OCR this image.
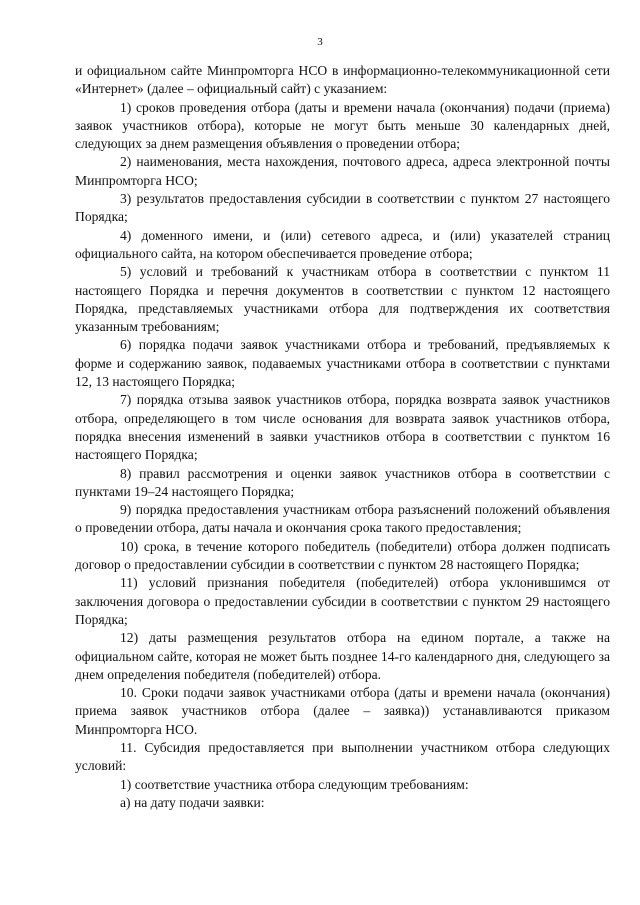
3

и официальном сайте Минпромторга НСО в информационно-телекоммуникационной сети «Интернет» (далее – официальный сайт) с указанием:

1) сроков проведения отбора (даты и времени начала (окончания) подачи (приема) заявок участников отбора), которые не могут быть меньше 30 календарных дней, следующих за днем размещения объявления о проведении отбора;

2) наименования, места нахождения, почтового адреса, адреса электронной почты Минпромторга НСО;

3) результатов предоставления субсидии в соответствии с пунктом 27 настоящего Порядка;

4) доменного имени, и (или) сетевого адреса, и (или) указателей страниц официального сайта, на котором обеспечивается проведение отбора;

5) условий и требований к участникам отбора в соответствии с пунктом 11 настоящего Порядка и перечня документов в соответствии с пунктом 12 настоящего Порядка, представляемых участниками отбора для подтверждения их соответствия указанным требованиям;

6) порядка подачи заявок участниками отбора и требований, предъявляемых к форме и содержанию заявок, подаваемых участниками отбора в соответствии с пунктами 12, 13 настоящего Порядка;

7) порядка отзыва заявок участников отбора, порядка возврата заявок участников отбора, определяющего в том числе основания для возврата заявок участников отбора, порядка внесения изменений в заявки участников отбора в соответствии с пунктом 16 настоящего Порядка;

8) правил рассмотрения и оценки заявок участников отбора в соответствии с пунктами 19–24 настоящего Порядка;

9) порядка предоставления участникам отбора разъяснений положений объявления о проведении отбора, даты начала и окончания срока такого предоставления;

10) срока, в течение которого победитель (победители) отбора должен подписать договор о предоставлении субсидии в соответствии с пунктом 28 настоящего Порядка;

11) условий признания победителя (победителей) отбора уклонившимся от заключения договора о предоставлении субсидии в соответствии с пунктом 29 настоящего Порядка;

12) даты размещения результатов отбора на едином портале, а также на официальном сайте, которая не может быть позднее 14-го календарного дня, следующего за днем определения победителя (победителей) отбора.

10. Сроки подачи заявок участниками отбора (даты и времени начала (окончания) приема заявок участников отбора (далее – заявка)) устанавливаются приказом Минпромторга НСО.

11. Субсидия предоставляется при выполнении участником отбора следующих условий:

1) соответствие участника отбора следующим требованиям:

а) на дату подачи заявки:
